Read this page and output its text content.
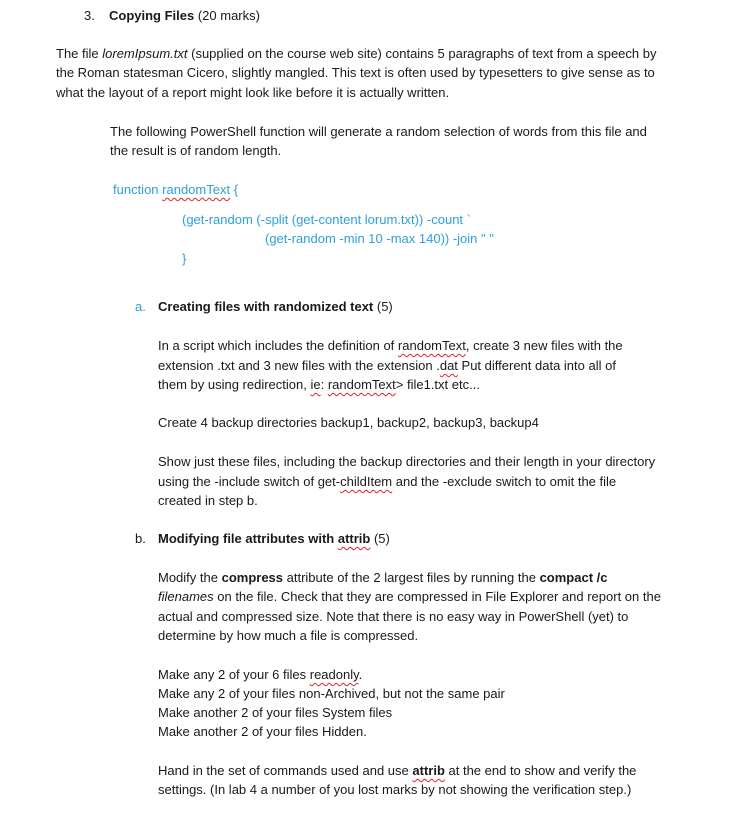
3. Copying Files (20 marks)
The file loremIpsum.txt (supplied on the course web site) contains 5 paragraphs of text from a speech by
the Roman statesman Cicero, slightly mangled. This text is often used by typesetters to give sense as to
what the layout of a report might look like before it is actually written.
The following PowerShell function will generate a random selection of words from this file and
the result is of random length.
function randomText {
(get-random (-split (get-content lorum.txt)) -count `
(get-random -min 10 -max 140)) -join " "
}
a. Creating files with randomized text (5)
In a script which includes the definition of randomText, create 3 new files with the
extension .txt and 3 new files with the extension .dat Put different data into all of
them by using redirection, ie: randomText> file1.txt etc...
Create 4 backup directories backup1, backup2, backup3, backup4
Show just these files, including the backup directories and their length in your directory
using the -include switch of get-childItem and the -exclude switch to omit the file
created in step b.
b. Modifying file attributes with attrib (5)
Modify the compress attribute of the 2 largest files by running the compact /c
filenames on the file. Check that they are compressed in File Explorer and report on the
actual and compressed size. Note that there is no easy way in PowerShell (yet) to
determine by how much a file is compressed.
Make any 2 of your 6 files readonly.
Make any 2 of your files non-Archived, but not the same pair
Make another 2 of your files System files
Make another 2 of your files Hidden.
Hand in the set of commands used and use attrib at the end to show and verify the
settings. (In lab 4 a number of you lost marks by not showing the verification step.)
